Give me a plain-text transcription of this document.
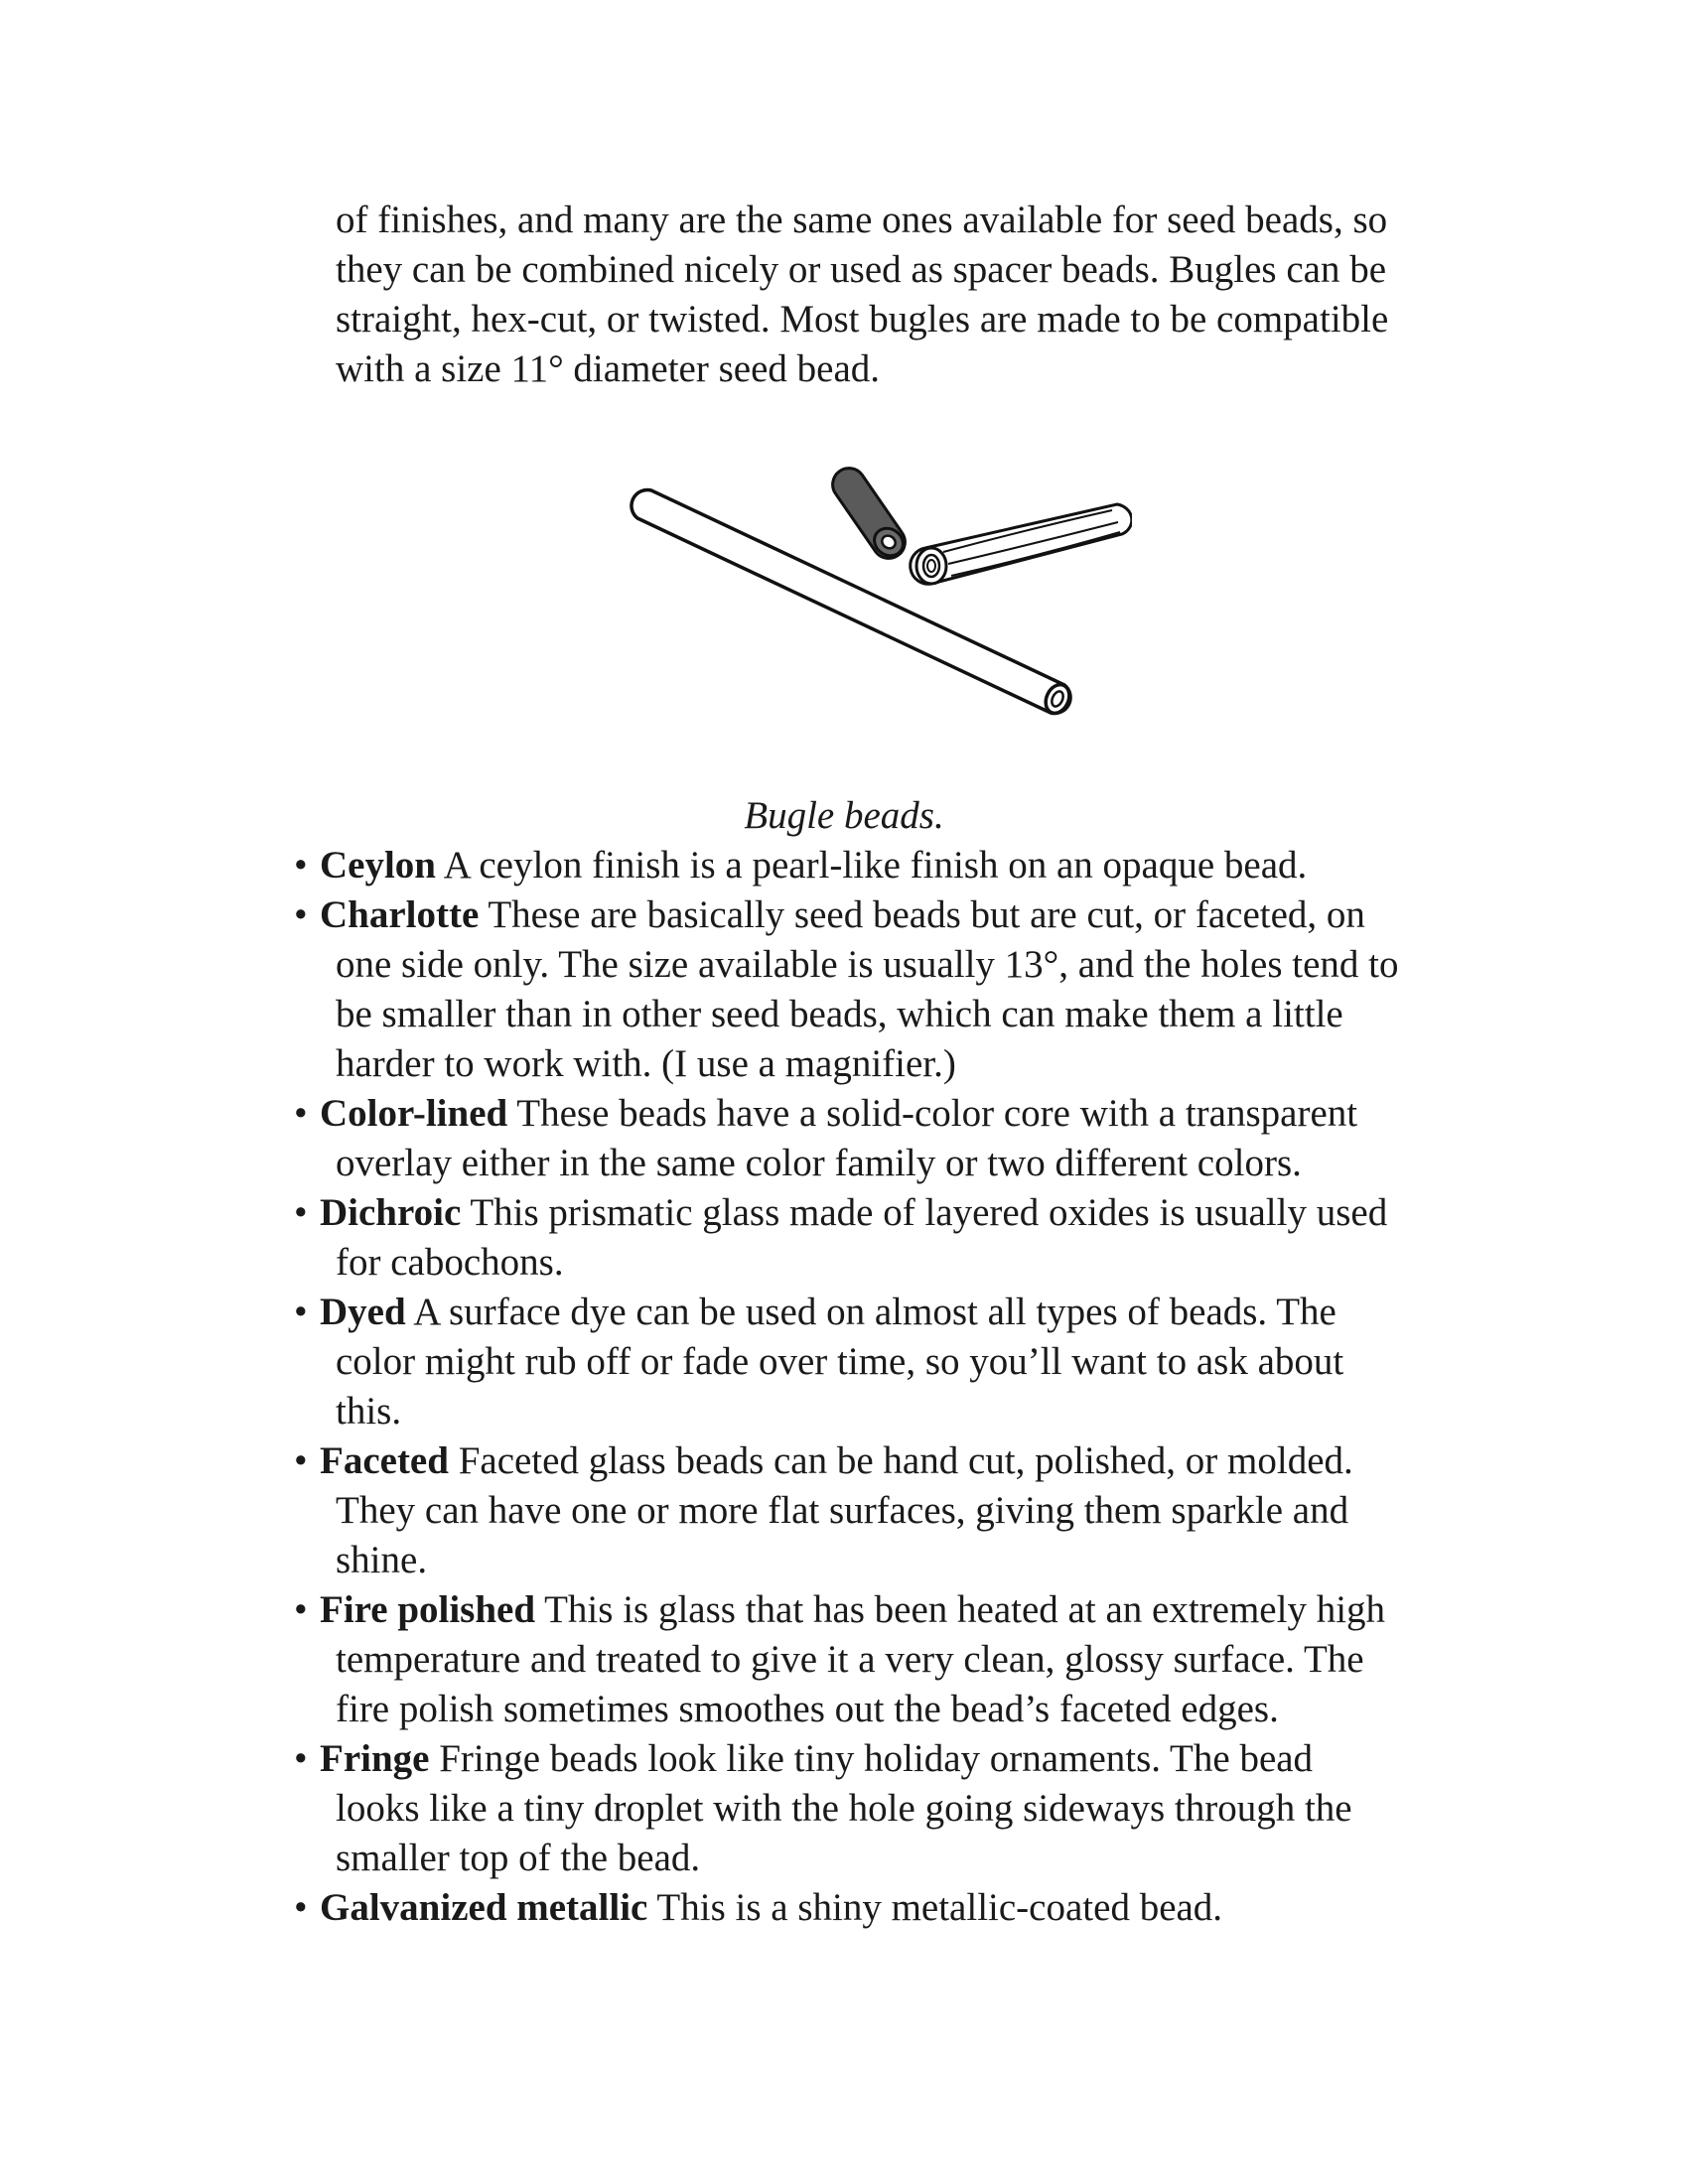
of finishes, and many are the same ones available for seed beads, so
they can be combined nicely or used as spacer beads. Bugles can be
straight, hex-cut, or twisted. Most bugles are made to be compatible
with a size 11° diameter seed bead.

Bugle beads.

• Ceylon A ceylon finish is a pearl-like finish on an opaque bead.
• Charlotte These are basically seed beads but are cut, or faceted, on
one side only. The size available is usually 13°, and the holes tend to
be smaller than in other seed beads, which can make them a little
harder to work with. (I use a magnifier.)
• Color-lined These beads have a solid-color core with a transparent
overlay either in the same color family or two different colors.
• Dichroic This prismatic glass made of layered oxides is usually used
for cabochons.
• Dyed A surface dye can be used on almost all types of beads. The
color might rub off or fade over time, so you’ll want to ask about
this.
• Faceted Faceted glass beads can be hand cut, polished, or molded.
They can have one or more flat surfaces, giving them sparkle and
shine.
• Fire polished This is glass that has been heated at an extremely high
temperature and treated to give it a very clean, glossy surface. The
fire polish sometimes smoothes out the bead’s faceted edges.
• Fringe Fringe beads look like tiny holiday ornaments. The bead
looks like a tiny droplet with the hole going sideways through the
smaller top of the bead.
• Galvanized metallic This is a shiny metallic-coated bead.
